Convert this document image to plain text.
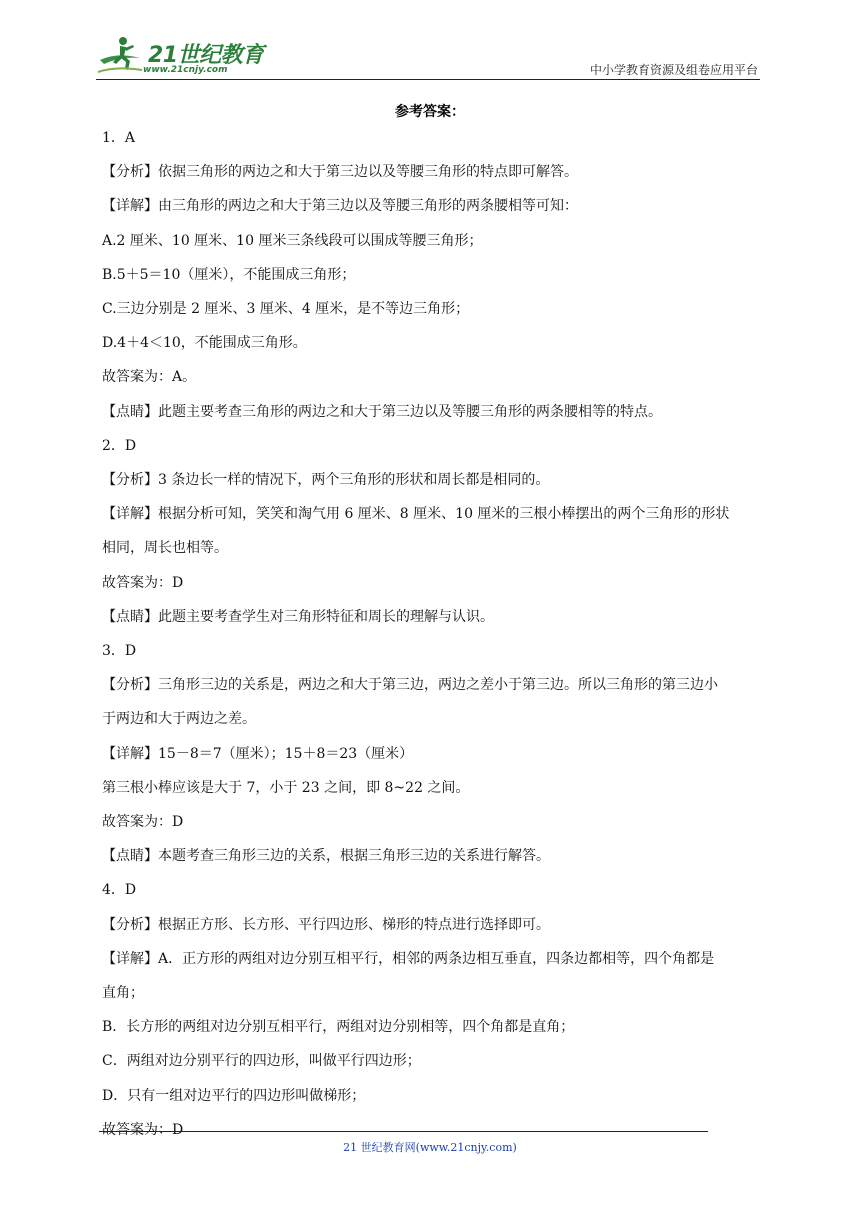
21世纪教育
www.21cnjy.com	中小学教育资源及组卷应用平台
参考答案：
1．A
【分析】依据三角形的两边之和大于第三边以及等腰三角形的特点即可解答。
【详解】由三角形的两边之和大于第三边以及等腰三角形的两条腰相等可知：
A.2 厘米、10 厘米、10 厘米三条线段可以围成等腰三角形；
B.5＋5＝10（厘米），不能围成三角形；
C.三边分别是 2 厘米、3 厘米、4 厘米，是不等边三角形；
D.4＋4＜10，不能围成三角形。
故答案为：A。
【点睛】此题主要考查三角形的两边之和大于第三边以及等腰三角形的两条腰相等的特点。
2．D
【分析】3 条边长一样的情况下，两个三角形的形状和周长都是相同的。
【详解】根据分析可知，笑笑和淘气用 6 厘米、8 厘米、10 厘米的三根小棒摆出的两个三角形的形状
相同，周长也相等。
故答案为：D
【点睛】此题主要考查学生对三角形特征和周长的理解与认识。
3．D
【分析】三角形三边的关系是，两边之和大于第三边，两边之差小于第三边。所以三角形的第三边小
于两边和大于两边之差。
【详解】15－8＝7（厘米）；15＋8＝23（厘米）
第三根小棒应该是大于 7，小于 23 之间，即 8~22 之间。
故答案为：D
【点睛】本题考查三角形三边的关系，根据三角形三边的关系进行解答。
4．D
【分析】根据正方形、长方形、平行四边形、梯形的特点进行选择即可。
【详解】A．正方形的两组对边分别互相平行，相邻的两条边相互垂直，四条边都相等，四个角都是
直角；
B．长方形的两组对边分别互相平行，两组对边分别相等，四个角都是直角；
C．两组对边分别平行的四边形，叫做平行四边形；
D．只有一组对边平行的四边形叫做梯形；
故答案为：D
21 世纪教育网(www.21cnjy.com)
